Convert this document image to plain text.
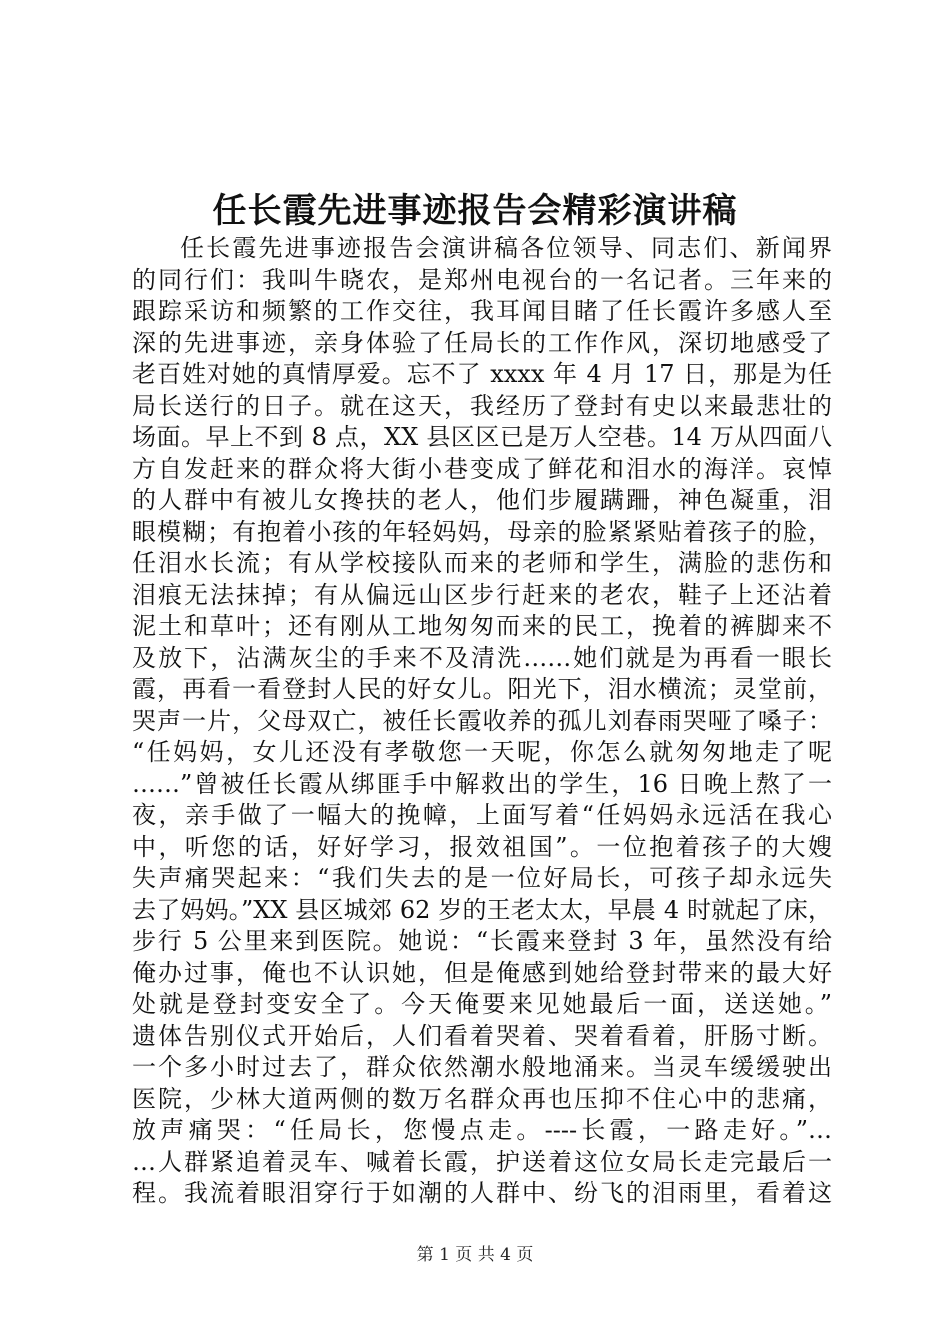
任长霞先进事迹报告会精彩演讲稿
任长霞先进事迹报告会演讲稿各位领导、同志们、新闻界
的同行们：我叫牛晓农，是郑州电视台的一名记者。三年来的
跟踪采访和频繁的工作交往，我耳闻目睹了任长霞许多感人至
深的先进事迹，亲身体验了任局长的工作作风，深切地感受了
老百姓对她的真情厚爱。忘不了 xxxx 年 4 月 17 日，那是为任
局长送行的日子。就在这天，我经历了登封有史以来最悲壮的
场面。早上不到 8 点，XX 县区区已是万人空巷。14 万从四面八
方自发赶来的群众将大街小巷变成了鲜花和泪水的海洋。哀悼
的人群中有被儿女搀扶的老人，他们步履蹒跚，神色凝重，泪
眼模糊；有抱着小孩的年轻妈妈，母亲的脸紧紧贴着孩子的脸，
任泪水长流；有从学校接队而来的老师和学生，满脸的悲伤和
泪痕无法抹掉；有从偏远山区步行赶来的老农，鞋子上还沾着
泥土和草叶；还有刚从工地匆匆而来的民工，挽着的裤脚来不
及放下，沾满灰尘的手来不及清洗……她们就是为再看一眼长
霞，再看一看登封人民的好女儿。阳光下，泪水横流；灵堂前，
哭声一片，父母双亡，被任长霞收养的孤儿刘春雨哭哑了嗓子：
“任妈妈，女儿还没有孝敬您一天呢，你怎么就匆匆地走了呢
……”曾被任长霞从绑匪手中解救出的学生，16 日晚上熬了一
夜，亲手做了一幅大的挽幛，上面写着“任妈妈永远活在我心
中，听您的话，好好学习，报效祖国”。一位抱着孩子的大嫂
失声痛哭起来：“我们失去的是一位好局长，可孩子却永远失
去了妈妈。”XX 县区城郊 62 岁的王老太太，早晨 4 时就起了床，
步行 5 公里来到医院。她说：“长霞来登封 3 年，虽然没有给
俺办过事，俺也不认识她，但是俺感到她给登封带来的最大好
处就是登封变安全了。今天俺要来见她最后一面，送送她。”
遗体告别仪式开始后，人们看着哭着、哭着看着，肝肠寸断。
一个多小时过去了，群众依然潮水般地涌来。当灵车缓缓驶出
医院，少林大道两侧的数万名群众再也压抑不住心中的悲痛，
放声痛哭：“任局长，您慢点走。----长霞，一路走好。”…
…人群紧追着灵车、喊着长霞，护送着这位女局长走完最后一
程。我流着眼泪穿行于如潮的人群中、纷飞的泪雨里，看着这
第 1 页 共 4 页
